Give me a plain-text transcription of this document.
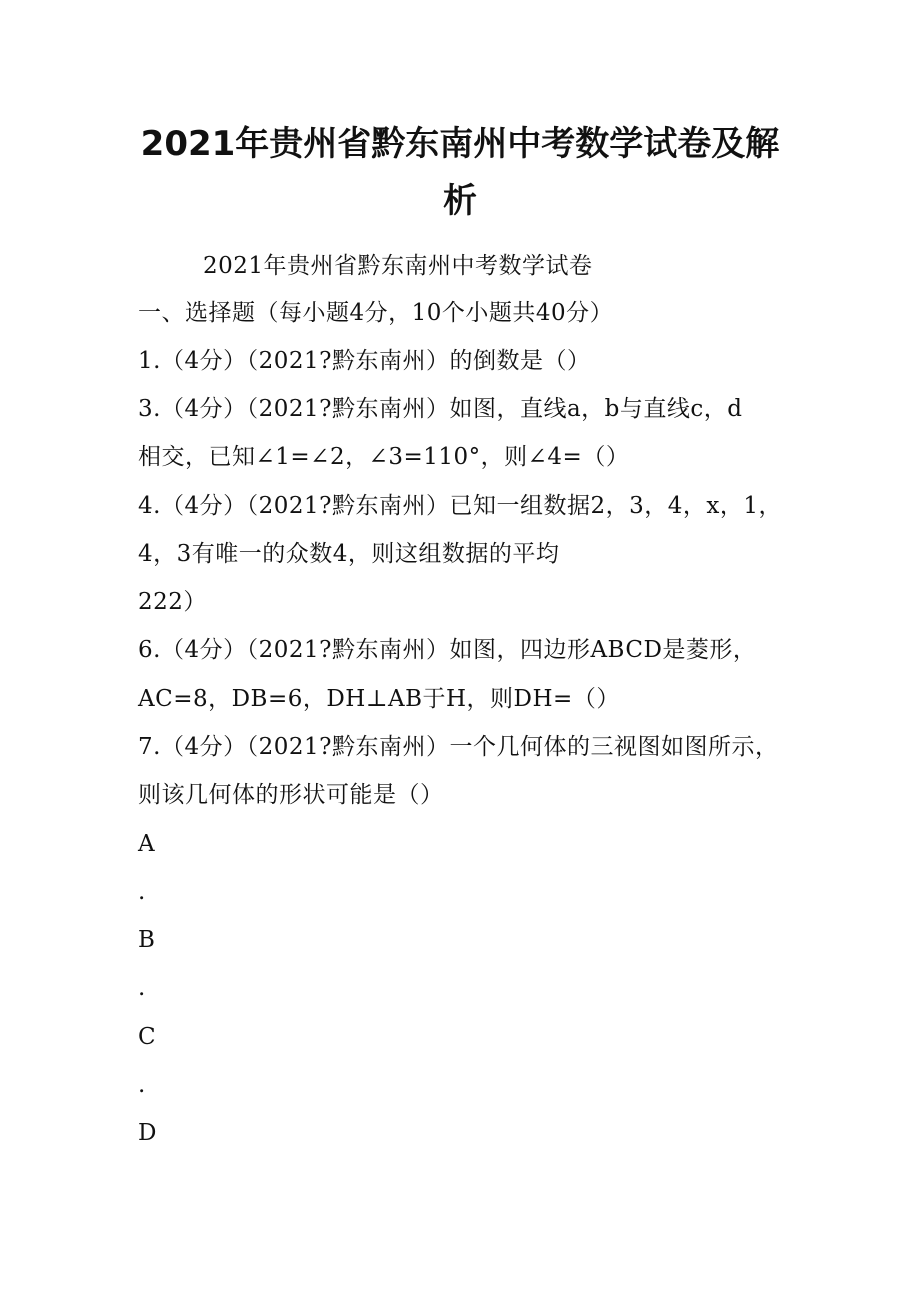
2021年贵州省黔东南州中考数学试卷及解
析
2021年贵州省黔东南州中考数学试卷
一、选择题（每小题4分，10个小题共40分）
1.（4分）（2021?黔东南州）的倒数是（）
3.（4分）（2021?黔东南州）如图，直线a，b与直线c，d
相交，已知∠1=∠2，∠3=110°，则∠4=（）
4.（4分）（2021?黔东南州）已知一组数据2，3，4，x，1，
4，3有唯一的众数4，则这组数据的平均
222）
6.（4分）（2021?黔东南州）如图，四边形ABCD是菱形，
AC=8，DB=6，DH⊥AB于H，则DH=（）
7.（4分）（2021?黔东南州）一个几何体的三视图如图所示，
则该几何体的形状可能是（）
A
.
B
.
C
.
D
